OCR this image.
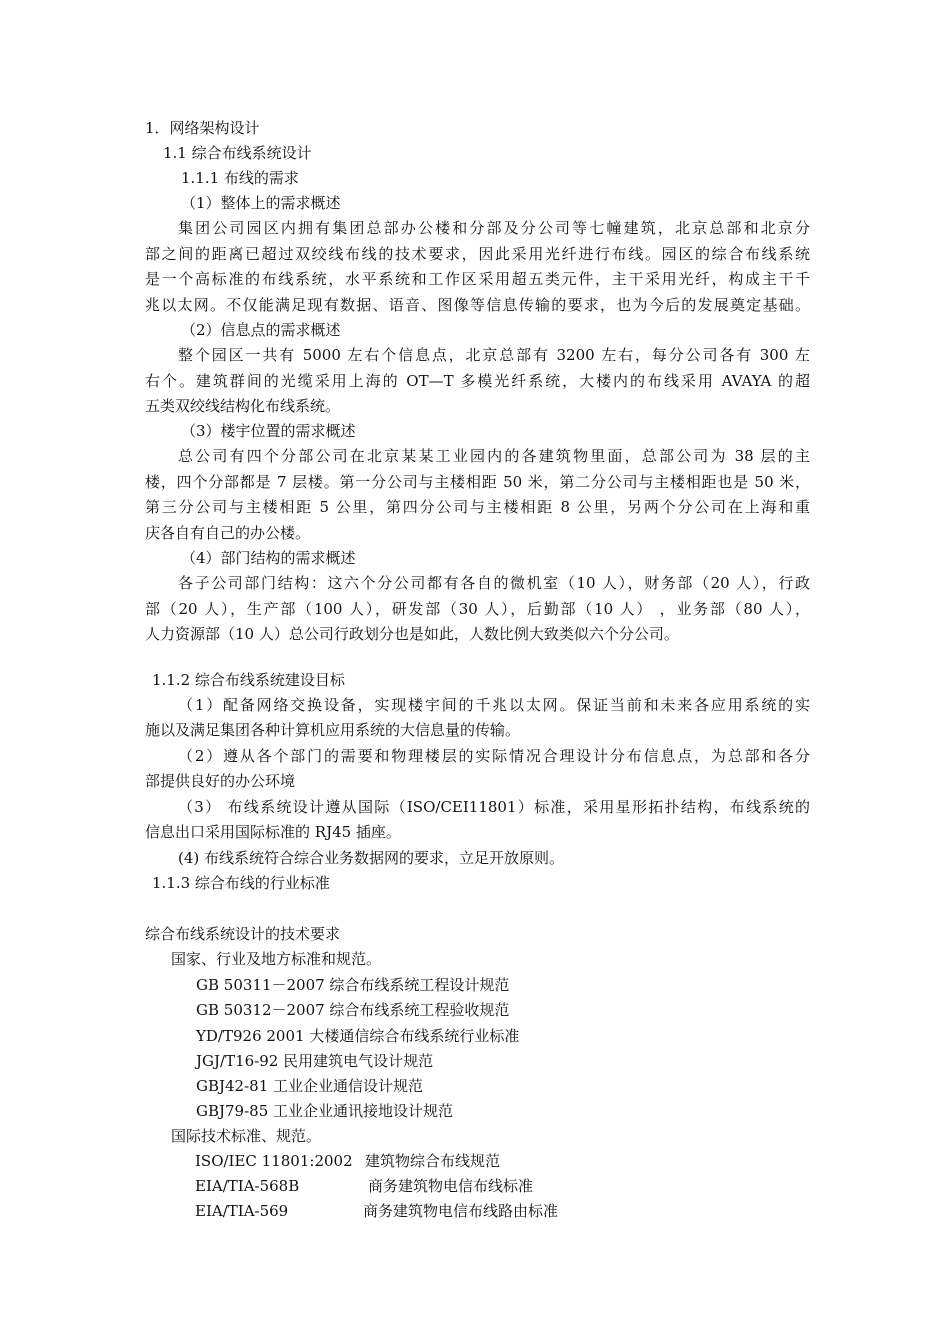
1．网络架构设计

1.1 综合布线系统设计

1.1.1 布线的需求

（1）整体上的需求概述

集团公司园区内拥有集团总部办公楼和分部及分公司等七幢建筑，北京总部和北京分

部之间的距离已超过双绞线布线的技术要求，因此采用光纤进行布线。园区的综合布线系统

是一个高标准的布线系统，水平系统和工作区采用超五类元件，主干采用光纤，构成主干千

兆以太网。不仅能满足现有数据、语音、图像等信息传输的要求，也为今后的发展奠定基础。

（2）信息点的需求概述

整个园区一共有 5000 左右个信息点，北京总部有 3200 左右，每分公司各有 300 左

右个。建筑群间的光缆采用上海的 OT—T 多模光纤系统，大楼内的布线采用 AVAYA 的超

五类双绞线结构化布线系统。

（3）楼宇位置的需求概述

总公司有四个分部公司在北京某某工业园内的各建筑物里面，总部公司为 38 层的主

楼，四个分部都是 7 层楼。第一分公司与主楼相距 50 米，第二分公司与主楼相距也是 50 米，

第三分公司与主楼相距 5 公里，第四分公司与主楼相距 8 公里，另两个分公司在上海和重

庆各自有自己的办公楼。

（4）部门结构的需求概述

各子公司部门结构：这六个分公司都有各自的微机室（10 人），财务部（20 人），行政

部（20 人），生产部（100 人），研发部（30 人），后勤部（10 人） ，业务部（80 人），

人力资源部（10 人）总公司行政划分也是如此，人数比例大致类似六个分公司。

1.1.2 综合布线系统建设目标

（1）配备网络交换设备，实现楼宇间的千兆以太网。保证当前和未来各应用系统的实

施以及满足集团各种计算机应用系统的大信息量的传输。

（2）遵从各个部门的需要和物理楼层的实际情况合理设计分布信息点，为总部和各分

部提供良好的办公环境

（3） 布线系统设计遵从国际（ISO/CEI11801）标准，采用星形拓扑结构，布线系统的

信息出口采用国际标准的 RJ45 插座。

(4) 布线系统符合综合业务数据网的要求，立足开放原则。

1.1.3 综合布线的行业标准

综合布线系统设计的技术要求

国家、行业及地方标准和规范。

GB 50311－2007 综合布线系统工程设计规范

GB 50312－2007 综合布线系统工程验收规范

YD/T926 2001 大楼通信综合布线系统行业标准

JGJ/T16-92 民用建筑电气设计规范

GBJ42-81 工业企业通信设计规范

GBJ79-85 工业企业通讯接地设计规范

国际技术标准、规范。

ISO/IEC 11801:2002 建筑物综合布线规范
EIA/TIA-568B	商务建筑物电信布线标准
EIA/TIA-569	商务建筑物电信布线路由标准
